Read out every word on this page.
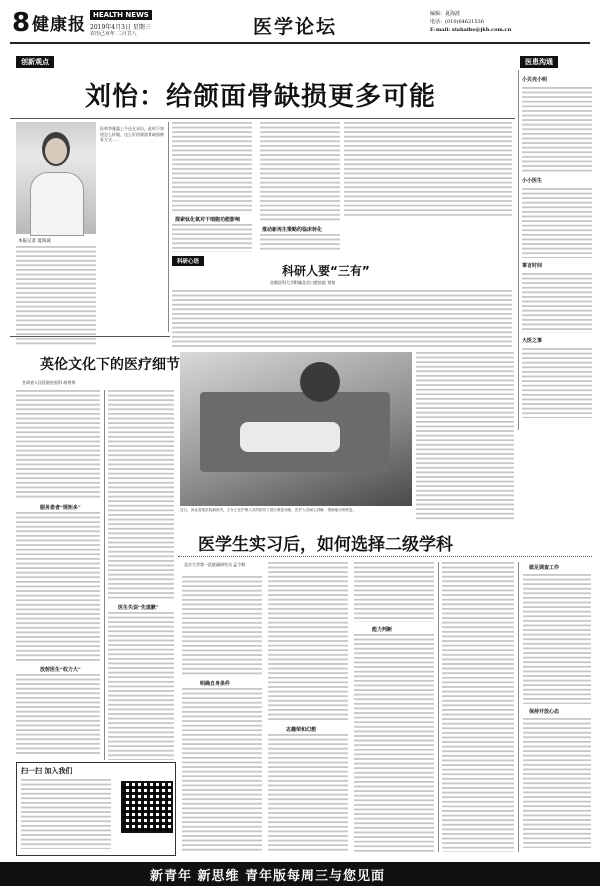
8 健康报	HEALTH NEWS
2019年4月3日 星期三
农历己亥年 二月廿八	医学论坛
编辑：夏海波
电话：(010)64621536
E-mail: xiahaibo@jkb.com.cn
创新观点	医患沟通
刘怡：给颌面骨缺损更多可能
医师李雅惠上午还在采访。此时不知道怎么样做，这么好的颌面骨缺损修复方式……
本报记者 夏海波
探索钛化氧对干细胞功能影响
推动新再生策略的临床转化
小贝壳小明
小小医生
事言时间
大医之事
科研心语
科研人要“三有”
首都医科大学附属北京口腔医院 刘怡
近日，河北省某医院病房内，王女士在护理人员的指导下进行康复训练，医护人员耐心讲解，帮助她尽快恢复。
英伦文化下的医疗细节
甘肃省人民医院检验科 胡秀琴
服务患者“规矩多”
放射医生“权力大”
医生失误“先道歉”
扫一扫 加入我们
医学生实习后，如何选择二级学科
北京大学第一医院副研究员 孟令群
明确自身条件
志趣荣和幻想
能力判断
做足调查工作
保持开放心态
新青年 新思维 青年版每周三与您见面
